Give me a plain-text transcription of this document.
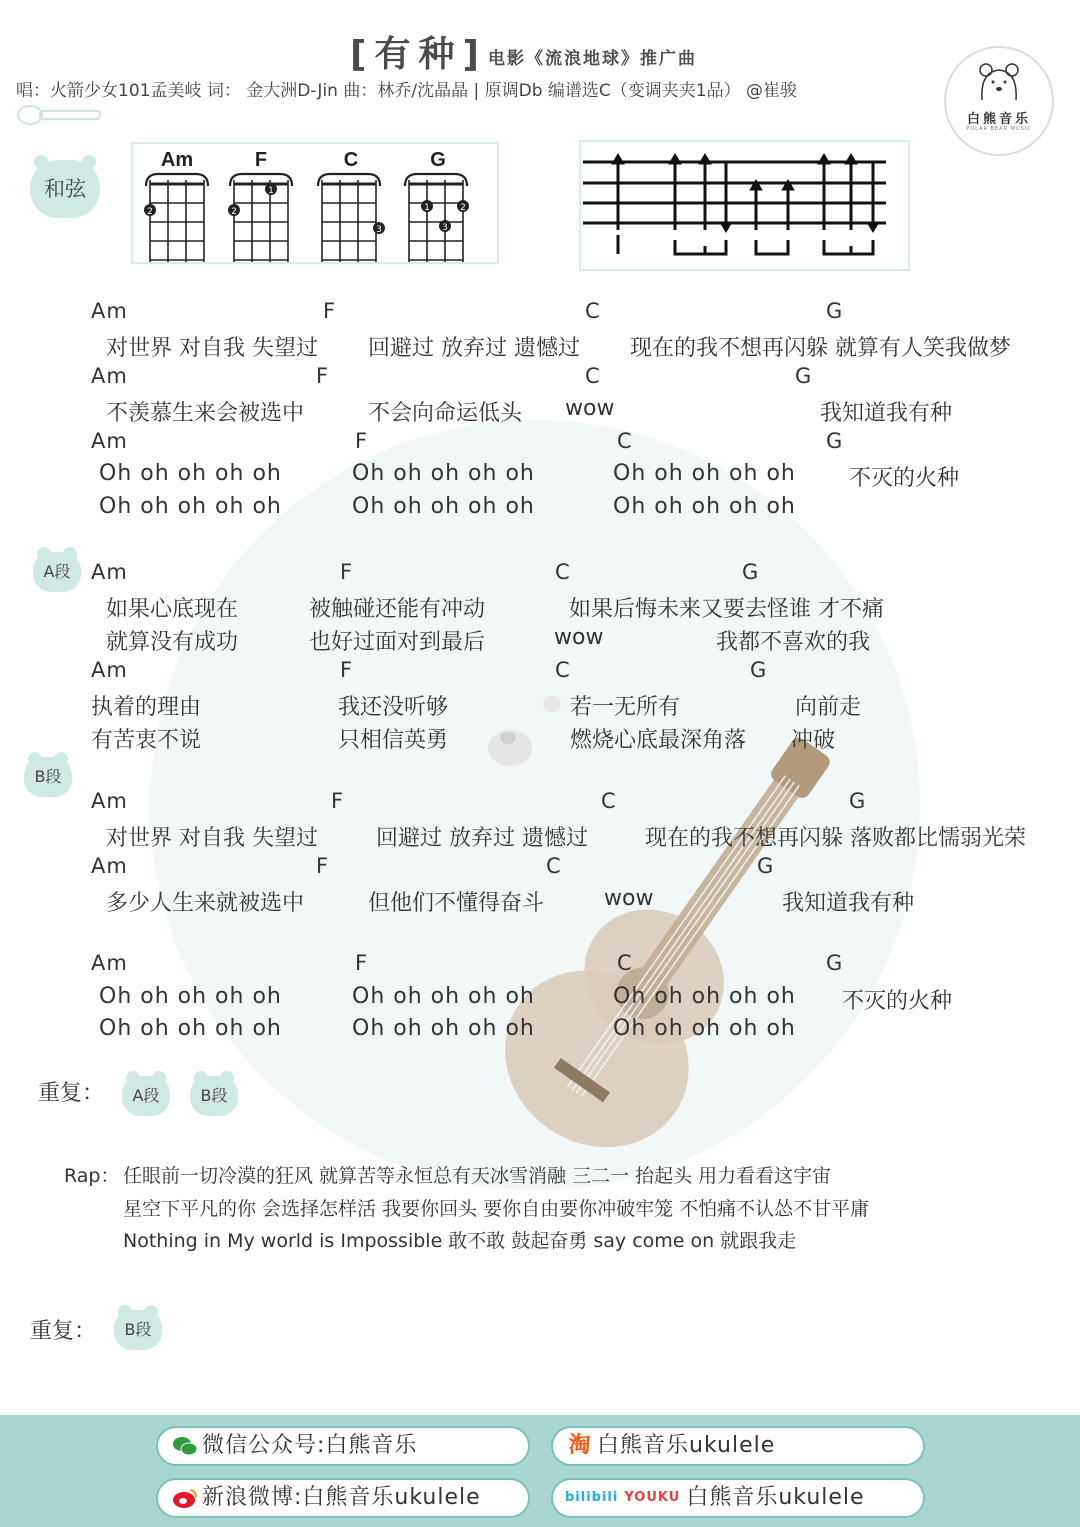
[有种] 电影《流浪地球》推广曲
唱：火箭少女101孟美岐 词： 金大洲D-Jin 曲：林乔/沈晶晶 | 原调Db 编谱选C（变调夹夹1品） @崔骏
白熊音乐
POLAR BEAR MUSIC
和弦
Am	F	C	G
2
1
2
3
1	2
3
Am	F	C	G
对世界 对自我 失望过 回避过 放弃过 遗憾过 现在的我不想再闪躲 就算有人笑我做梦
Am	F	C	G
不羡慕生来会被选中	不会向命运低头 wow	我知道我有种
Am	F	C	G
Oh oh oh oh oh	Oh oh oh oh oh	Oh oh oh oh oh 不灭的火种
Oh oh oh oh oh	Oh oh oh oh oh	Oh oh oh oh oh
A段 Am	F	C	G
如果心底现在	被触碰还能有冲动	如果后悔未来又要去怪谁 才不痛
就算没有成功	也好过面对到最后	wow	我都不喜欢的我
Am	F	C	G
执着的理由	我还没听够	若一无所有	向前走
有苦衷不说	只相信英勇	燃烧心底最深角落 冲破
B段
Am	F	C	G
对世界 对自我 失望过	回避过 放弃过 遗憾过	现在的我不想再闪躲 落败都比懦弱光荣
Am	F	C	G
多少人生来就被选中	但他们不懂得奋斗	wow	我知道我有种
Am	F	C	G
Oh oh oh oh oh	Oh oh oh oh oh	Oh oh oh oh oh 不灭的火种
Oh oh oh oh oh	Oh oh oh oh oh	Oh oh oh oh oh
重复：	A段	B段
Rap： 任眼前一切冷漠的狂风 就算苦等永恒总有天冰雪消融 三二一 抬起头 用力看看这宇宙
星空下平凡的你 会选择怎样活 我要你回头 要你自由要你冲破牢笼 不怕痛不认怂不甘平庸
Nothing in My world is Impossible 敢不敢 鼓起奋勇 say come on 就跟我走
重复：	B段
微信公众号:白熊音乐	淘 白熊音乐ukulele
新浪微博:白熊音乐ukulele	bilibili YOUKU 白熊音乐ukulele
